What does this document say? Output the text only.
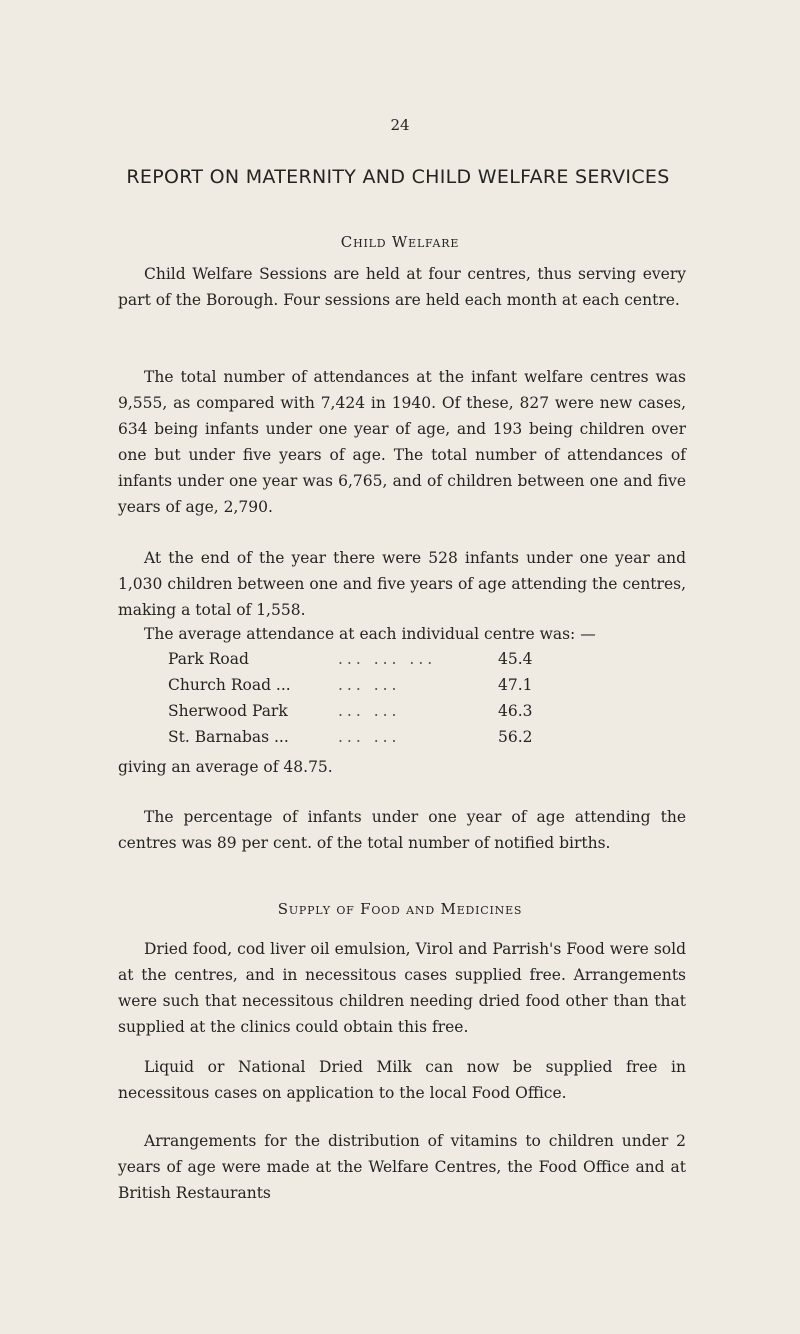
24
REPORT ON MATERNITY AND CHILD WELFARE SERVICES
Child Welfare

Child Welfare Sessions are held at four centres, thus serving every part of the Borough. Four sessions are held each month at each centre.

The total number of attendances at the infant welfare centres was 9,555, as compared with 7,424 in 1940. Of these, 827 were new cases, 634 being infants under one year of age, and 193 being children over one but under five years of age. The total number of attendances of infants under one year was 6,765, and of children between one and five years of age, 2,790.

At the end of the year there were 528 infants under one year and 1,030 children between one and five years of age attending the centres, making a total of 1,558.

The average attendance at each individual centre was: —

Park Road	... ... ...	45.4
Church Road ...	... ...	47.1
Sherwood Park	... ...	46.3
St. Barnabas ...	... ...	56.2

giving an average of 48.75.

The percentage of infants under one year of age attending the centres was 89 per cent. of the total number of notified births.

Supply of Food and Medicines

Dried food, cod liver oil emulsion, Virol and Parrish's Food were sold at the centres, and in necessitous cases supplied free. Arrangements were such that necessitous children needing dried food other than that supplied at the clinics could obtain this free.

Liquid or National Dried Milk can now be supplied free in necessitous cases on application to the local Food Office.

Arrangements for the distribution of vitamins to children under 2 years of age were made at the Welfare Centres, the Food Office and at British Restaurants
